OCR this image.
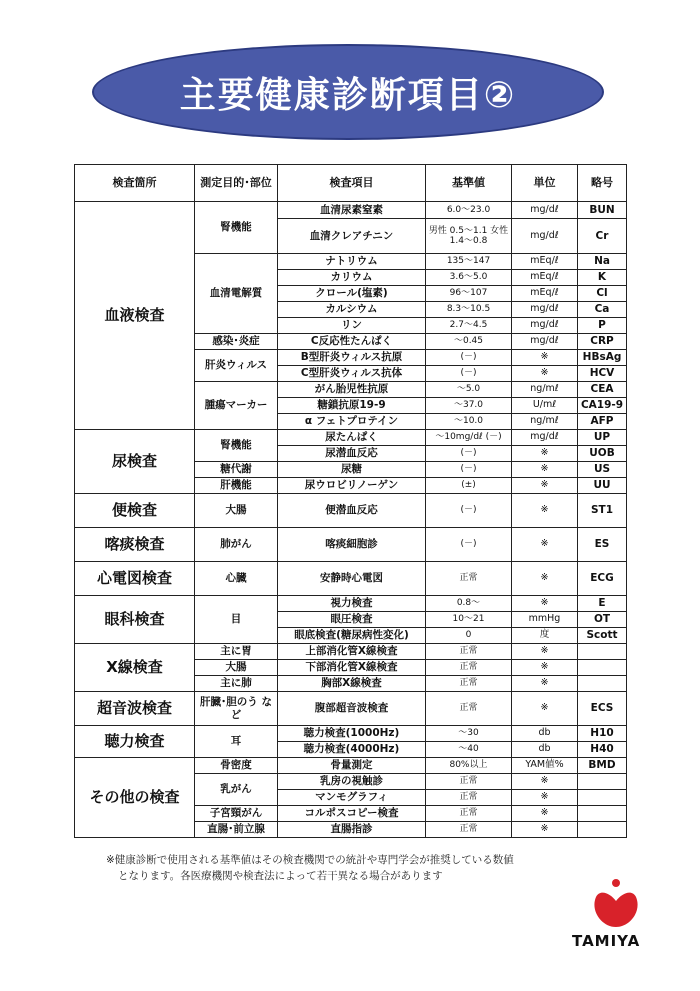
主要健康診断項目②
検査箇所	測定目的･部位	検査項目	基準値	単位	略号
血液検査	腎機能	血清尿素窒素	6.0～23.0	mg/dℓ	BUN
		血清クレアチニン	男性 0.5～1.1 女性 1.4～0.8	mg/dℓ	Cr
	血清電解質	ナトリウム	135～147	mEq/ℓ	Na
		カリウム	3.6～5.0	mEq/ℓ	K
		クロール(塩素)	96～107	mEq/ℓ	Cl
		カルシウム	8.3～10.5	mg/dℓ	Ca
		リン	2.7～4.5	mg/dℓ	P
	感染･炎症	C反応性たんぱく	～0.45	mg/dℓ	CRP
	肝炎ウィルス	B型肝炎ウィルス抗原	(－)	※	HBsAg
		C型肝炎ウィルス抗体	(－)	※	HCV
	腫瘍マーカー	がん胎児性抗原	～5.0	ng/mℓ	CEA
		糖鎖抗原19-9	～37.0	U/mℓ	CA19-9
		α フェトプロテイン	～10.0	ng/mℓ	AFP
尿検査	腎機能	尿たんぱく	～10mg/dℓ (－)	mg/dℓ	UP
		尿潜血反応	(－)	※	UOB
	糖代謝	尿糖	(－)	※	US
	肝機能	尿ウロビリノーゲン	(±)	※	UU
便検査	大腸	便潜血反応	(－)	※	ST1
喀痰検査	肺がん	喀痰細胞診	(－)	※	ES
心電図検査	心臓	安静時心電図	正常	※	ECG
眼科検査	目	視力検査	0.8～	※	E
		眼圧検査	10～21	mmHg	OT
		眼底検査(糖尿病性変化)	0	度	Scott
X線検査	主に胃	上部消化管X線検査	正常	※	
	大腸	下部消化管X線検査	正常	※	
	主に肺	胸部X線検査	正常	※	
超音波検査	肝臓･胆のう など	腹部超音波検査	正常	※	ECS
聴力検査	耳	聴力検査(1000Hz)	～30	db	H10
		聴力検査(4000Hz)	～40	db	H40
その他の検査	骨密度	骨量測定	80%以上	YAM値%	BMD
	乳がん	乳房の視触診	正常	※	
		マンモグラフィ	正常	※	
	子宮頸がん	コルポスコピー検査	正常	※	
	直腸･前立腺	直腸指診	正常	※	
※健康診断で使用される基準値はその検査機関での統計や専門学会が推奨している数値
となります。各医療機関や検査法によって若干異なる場合があります
TAMIYA
